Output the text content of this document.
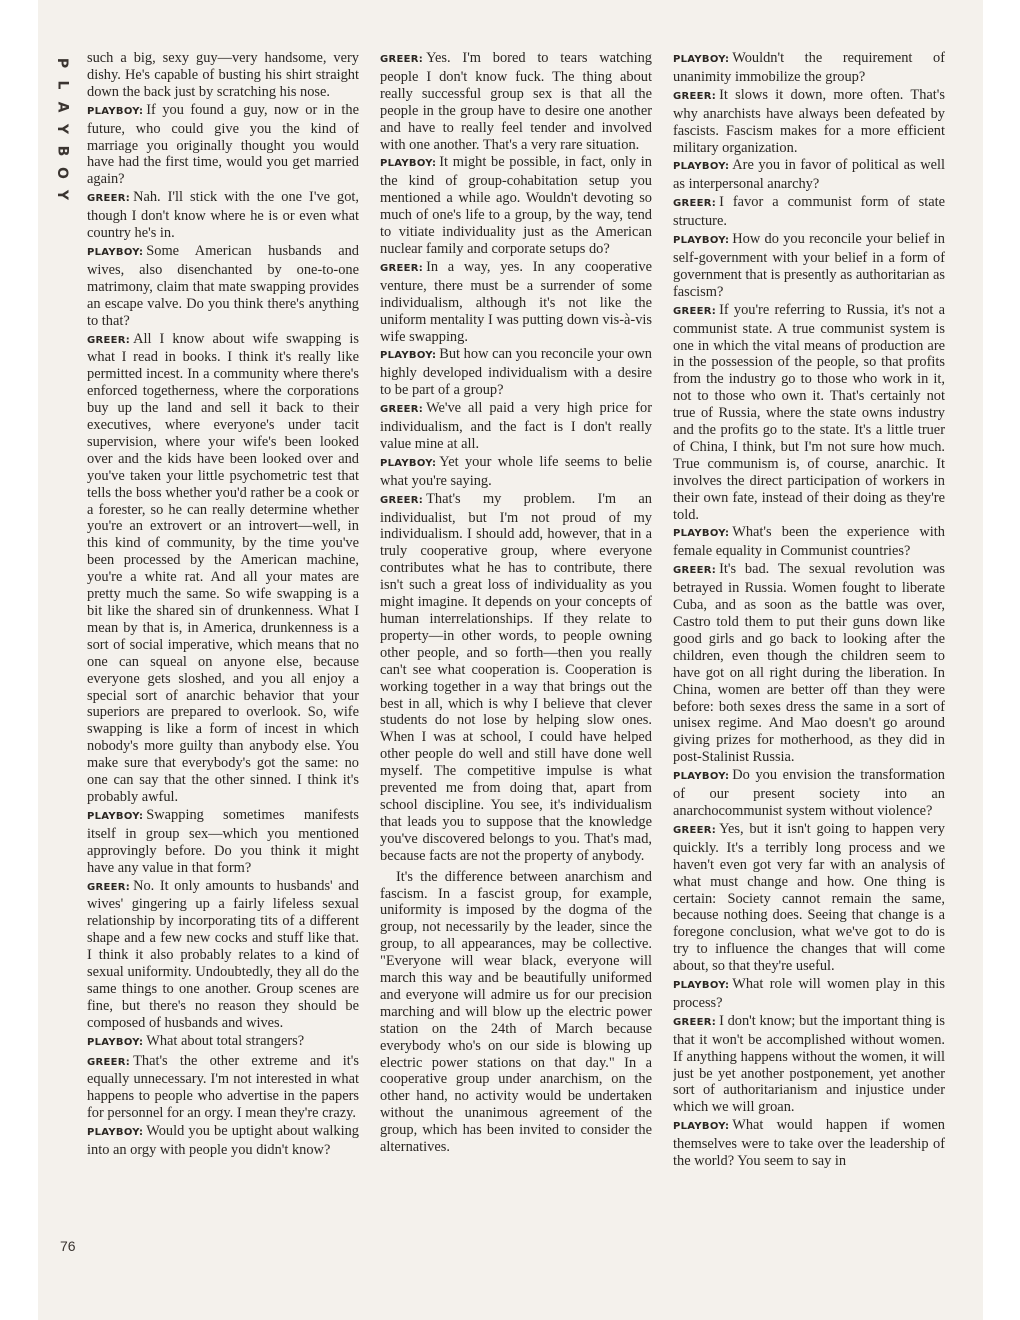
P
L
A
Y
B
O
Y
76

such a big, sexy guy—very handsome, very dishy. He's capable of busting his shirt straight down the back just by scratching his nose.

PLAYBOY: If you found a guy, now or in the future, who could give you the kind of marriage you originally thought you would have had the first time, would you get married again?

GREER: Nah. I'll stick with the one I've got, though I don't know where he is or even what country he's in.

PLAYBOY: Some American husbands and wives, also disenchanted by one-to-one matrimony, claim that mate swapping provides an escape valve. Do you think there's anything to that?

GREER: All I know about wife swapping is what I read in books. I think it's really like permitted incest. In a community where there's enforced togetherness, where the corporations buy up the land and sell it back to their executives, where everyone's under tacit supervision, where your wife's been looked over and the kids have been looked over and you've taken your little psychometric test that tells the boss whether you'd rather be a cook or a forester, so he can really determine whether you're an extrovert or an introvert—well, in this kind of community, by the time you've been processed by the American machine, you're a white rat. And all your mates are pretty much the same. So wife swapping is a bit like the shared sin of drunkenness. What I mean by that is, in America, drunkenness is a sort of social imperative, which means that no one can squeal on anyone else, because everyone gets sloshed, and you all enjoy a special sort of anarchic behavior that your superiors are prepared to overlook. So, wife swapping is like a form of incest in which nobody's more guilty than anybody else. You make sure that everybody's got the same: no one can say that the other sinned. I think it's probably awful.

PLAYBOY: Swapping sometimes manifests itself in group sex—which you mentioned approvingly before. Do you think it might have any value in that form?

GREER: No. It only amounts to husbands' and wives' gingering up a fairly lifeless sexual relationship by incorporating tits of a different shape and a few new cocks and stuff like that. I think it also probably relates to a kind of sexual uniformity. Undoubtedly, they all do the same things to one another. Group scenes are fine, but there's no reason they should be composed of husbands and wives.

PLAYBOY: What about total strangers?

GREER: That's the other extreme and it's equally unnecessary. I'm not interested in what happens to people who advertise in the papers for personnel for an orgy. I mean they're crazy.

PLAYBOY: Would you be uptight about walking into an orgy with people you didn't know?

GREER: Yes. I'm bored to tears watching people I don't know fuck. The thing about really successful group sex is that all the people in the group have to desire one another and have to really feel tender and involved with one another. That's a very rare situation.

PLAYBOY: It might be possible, in fact, only in the kind of group-cohabitation setup you mentioned a while ago. Wouldn't devoting so much of one's life to a group, by the way, tend to vitiate individuality just as the American nuclear family and corporate setups do?

GREER: In a way, yes. In any cooperative venture, there must be a surrender of some individualism, although it's not like the uniform mentality I was putting down vis-à-vis wife swapping.

PLAYBOY: But how can you reconcile your own highly developed individualism with a desire to be part of a group?

GREER: We've all paid a very high price for individualism, and the fact is I don't really value mine at all.

PLAYBOY: Yet your whole life seems to belie what you're saying.

GREER: That's my problem. I'm an individualist, but I'm not proud of my individualism. I should add, however, that in a truly cooperative group, where everyone contributes what he has to contribute, there isn't such a great loss of individuality as you might imagine. It depends on your concepts of human interrelationships. If they relate to property—in other words, to people owning other people, and so forth—then you really can't see what cooperation is. Cooperation is working together in a way that brings out the best in all, which is why I believe that clever students do not lose by helping slow ones. When I was at school, I could have helped other people do well and still have done well myself. The competitive impulse is what prevented me from doing that, apart from school discipline. You see, it's individualism that leads you to suppose that the knowledge you've discovered belongs to you. That's mad, because facts are not the property of anybody.

It's the difference between anarchism and fascism. In a fascist group, for example, uniformity is imposed by the dogma of the group, not necessarily by the leader, since the group, to all appearances, may be collective. "Everyone will wear black, everyone will march this way and be beautifully uniformed and everyone will admire us for our precision marching and will blow up the electric power station on the 24th of March because everybody who's on our side is blowing up electric power stations on that day." In a cooperative group under anarchism, on the other hand, no activity would be undertaken without the unanimous agreement of the group, which has been invited to consider the alternatives.

PLAYBOY: Wouldn't the requirement of unanimity immobilize the group?

GREER: It slows it down, more often. That's why anarchists have always been defeated by fascists. Fascism makes for a more efficient military organization.

PLAYBOY: Are you in favor of political as well as interpersonal anarchy?

GREER: I favor a communist form of state structure.

PLAYBOY: How do you reconcile your belief in self-government with your belief in a form of government that is presently as authoritarian as fascism?

GREER: If you're referring to Russia, it's not a communist state. A true communist system is one in which the vital means of production are in the possession of the people, so that profits from the industry go to those who work in it, not to those who own it. That's certainly not true of Russia, where the state owns industry and the profits go to the state. It's a little truer of China, I think, but I'm not sure how much. True communism is, of course, anarchic. It involves the direct participation of workers in their own fate, instead of their doing as they're told.

PLAYBOY: What's been the experience with female equality in Communist countries?

GREER: It's bad. The sexual revolution was betrayed in Russia. Women fought to liberate Cuba, and as soon as the battle was over, Castro told them to put their guns down like good girls and go back to looking after the children, even though the children seem to have got on all right during the liberation. In China, women are better off than they were before: both sexes dress the same in a sort of unisex regime. And Mao doesn't go around giving prizes for motherhood, as they did in post-Stalinist Russia.

PLAYBOY: Do you envision the transformation of our present society into an anarchocommunist system without violence?

GREER: Yes, but it isn't going to happen very quickly. It's a terribly long process and we haven't even got very far with an analysis of what must change and how. One thing is certain: Society cannot remain the same, because nothing does. Seeing that change is a foregone conclusion, what we've got to do is try to influence the changes that will come about, so that they're useful.

PLAYBOY: What role will women play in this process?

GREER: I don't know; but the important thing is that it won't be accomplished without women. If anything happens without the women, it will just be yet another postponement, yet another sort of authoritarianism and injustice under which we will groan.

PLAYBOY: What would happen if women themselves were to take over the leadership of the world? You seem to say in
